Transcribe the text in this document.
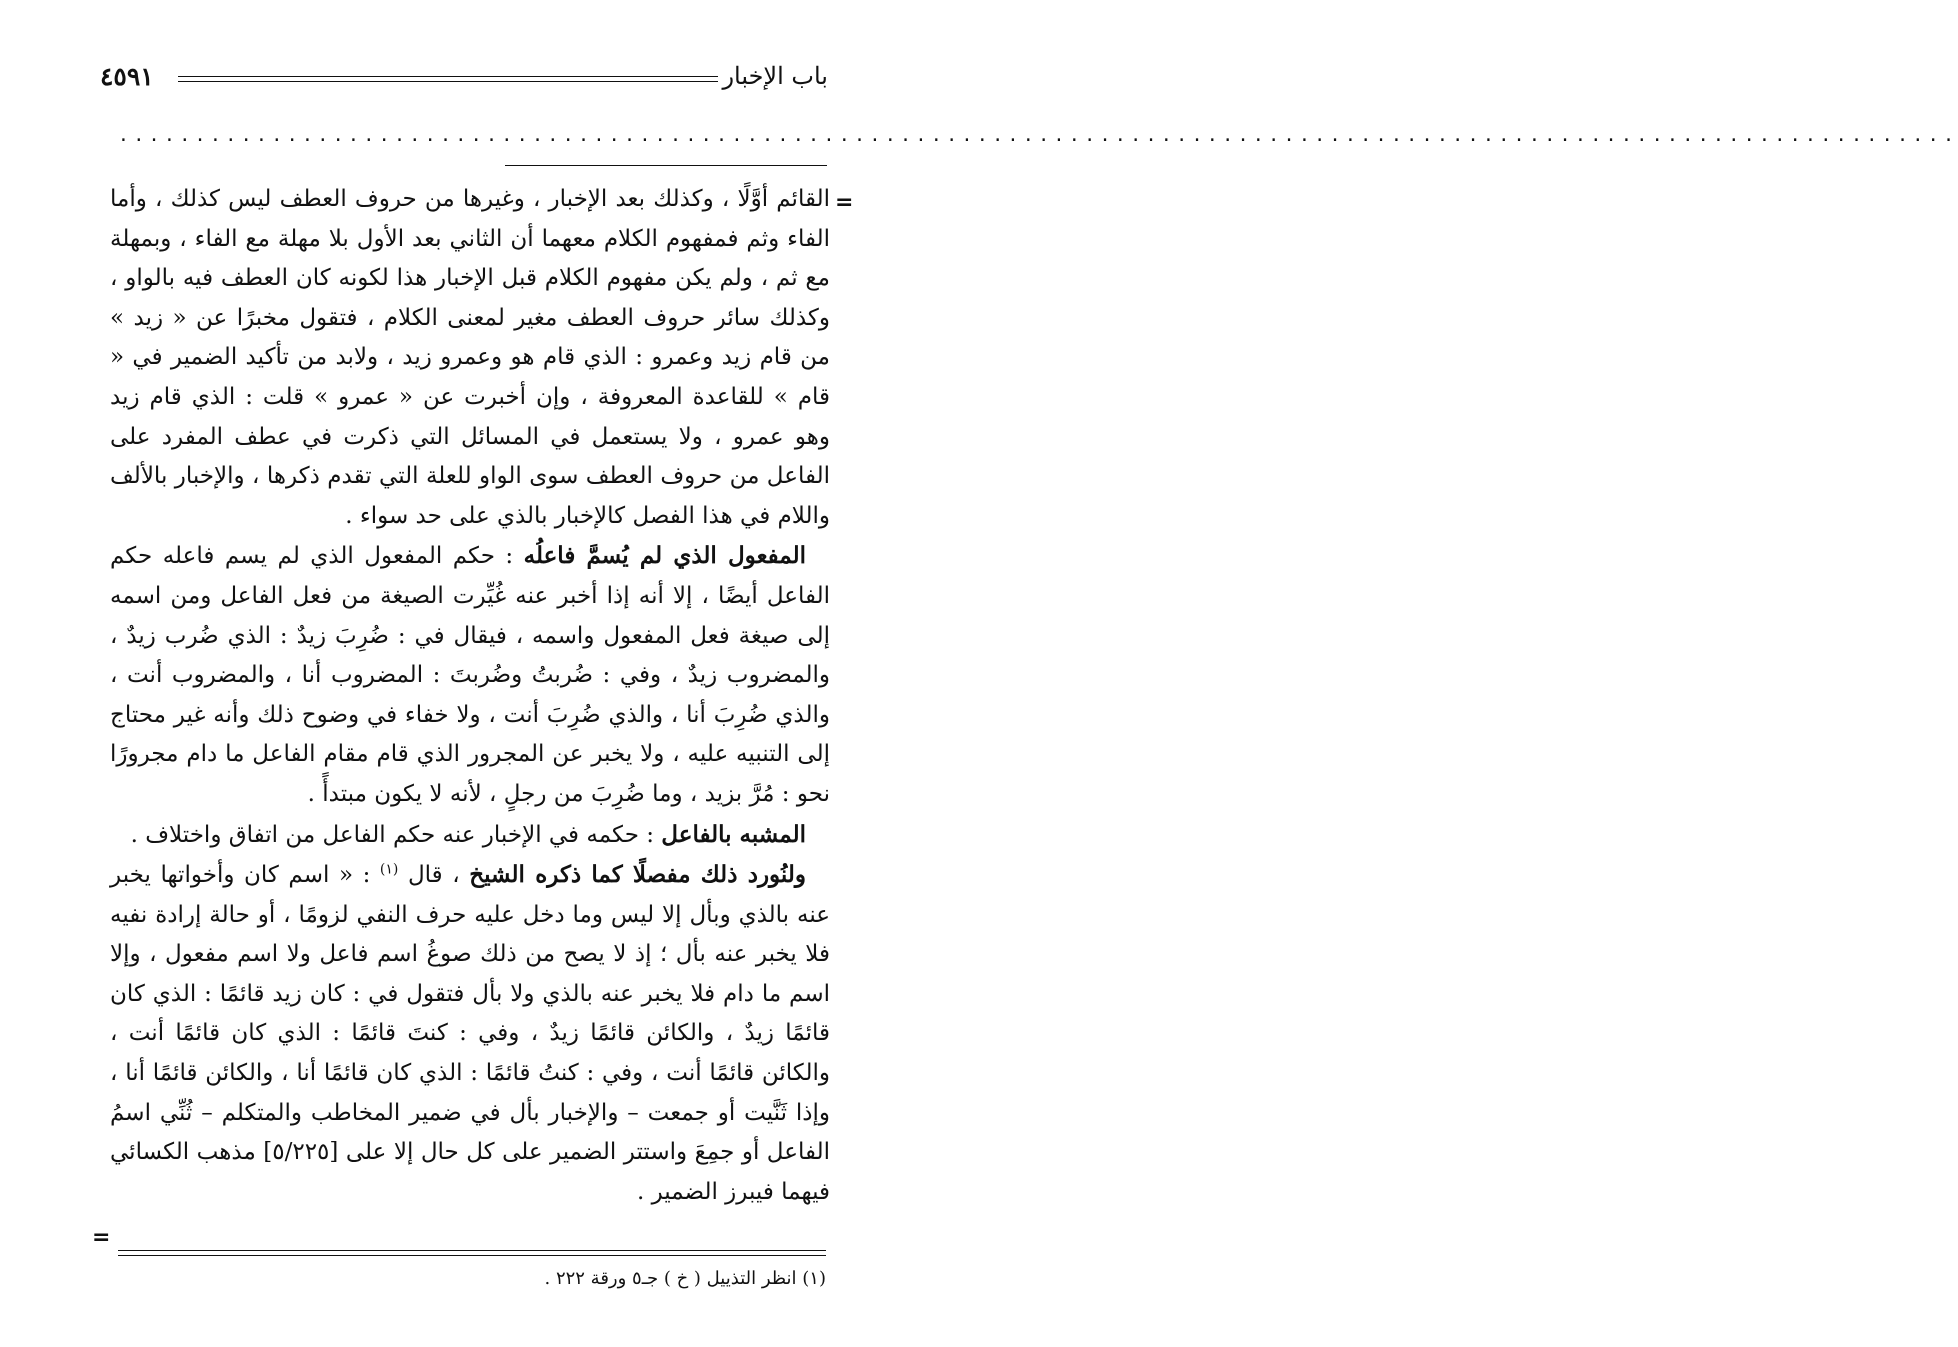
٤٥٩١	باب الإخبار
........................................................................................................................
=

القائم أوَّلًا ، وكذلك بعد الإخبار ، وغيرها من حروف العطف ليس كذلك ، وأما الفاء وثم فمفهوم الكلام معهما أن الثاني بعد الأول بلا مهلة مع الفاء ، وبمهلة مع ثم ، ولم يكن مفهوم الكلام قبل الإخبار هذا لكونه كان العطف فيه بالواو ، وكذلك سائر حروف العطف مغير لمعنى الكلام ، فتقول مخبرًا عن « زيد » من قام زيد وعمرو : الذي قام هو وعمرو زيد ، ولابد من تأكيد الضمير في « قام » للقاعدة المعروفة ، وإن أخبرت عن « عمرو » قلت : الذي قام زيد وهو عمرو ، ولا يستعمل في المسائل التي ذكرت في عطف المفرد على الفاعل من حروف العطف سوى الواو للعلة التي تقدم ذكرها ، والإخبار بالألف واللام في هذا الفصل كالإخبار بالذي على حد سواء .

المفعول الذي لم يُسمَّ فاعلُه : حكم المفعول الذي لم يسم فاعله حكم الفاعل أيضًا ، إلا أنه إذا أخبر عنه غُيِّرت الصيغة من فعل الفاعل ومن اسمه إلى صيغة فعل المفعول واسمه ، فيقال في : ضُرِبَ زيدٌ : الذي ضُرب زيدٌ ، والمضروب زيدٌ ، وفي : ضُربتُ وضُربتَ : المضروب أنا ، والمضروب أنت ، والذي ضُرِبَ أنا ، والذي ضُرِبَ أنت ، ولا خفاء في وضوح ذلك وأنه غير محتاج إلى التنبيه عليه ، ولا يخبر عن المجرور الذي قام مقام الفاعل ما دام مجرورًا نحو : مُرَّ بزيد ، وما ضُرِبَ من رجلٍ ، لأنه لا يكون مبتدأً .

المشبه بالفاعل : حكمه في الإخبار عنه حكم الفاعل من اتفاق واختلاف .

ولنُورد ذلك مفصلًا كما ذكره الشيخ ، قال $^{(١)}$ : « اسم كان وأخواتها يخبر عنه بالذي وبأل إلا ليس وما دخل عليه حرف النفي لزومًا ، أو حالة إرادة نفيه فلا يخبر عنه بأل ؛ إذ لا يصح من ذلك صوغُ اسم فاعل ولا اسم مفعول ، وإلا اسم ما دام فلا يخبر عنه بالذي ولا بأل فتقول في : كان زيد قائمًا : الذي كان قائمًا زيدٌ ، والكائن قائمًا زيدٌ ، وفي : كنتَ قائمًا : الذي كان قائمًا أنت ، والكائن قائمًا أنت ، وفي : كنتُ قائمًا : الذي كان قائمًا أنا ، والكائن قائمًا أنا ، وإذا ثَنَّيت أو جمعت – والإخبار بأل في ضمير المخاطب والمتكلم – ثُنِّي اسمُ الفاعل أو جمِعَ واستتر الضمير على كل حال إلا على [٥/٢٢٥] مذهب الكسائي فيهما فيبرز الضمير .

=
(١) انظر التذييل ( خ ) جـ٥ ورقة ٢٢٢ .
